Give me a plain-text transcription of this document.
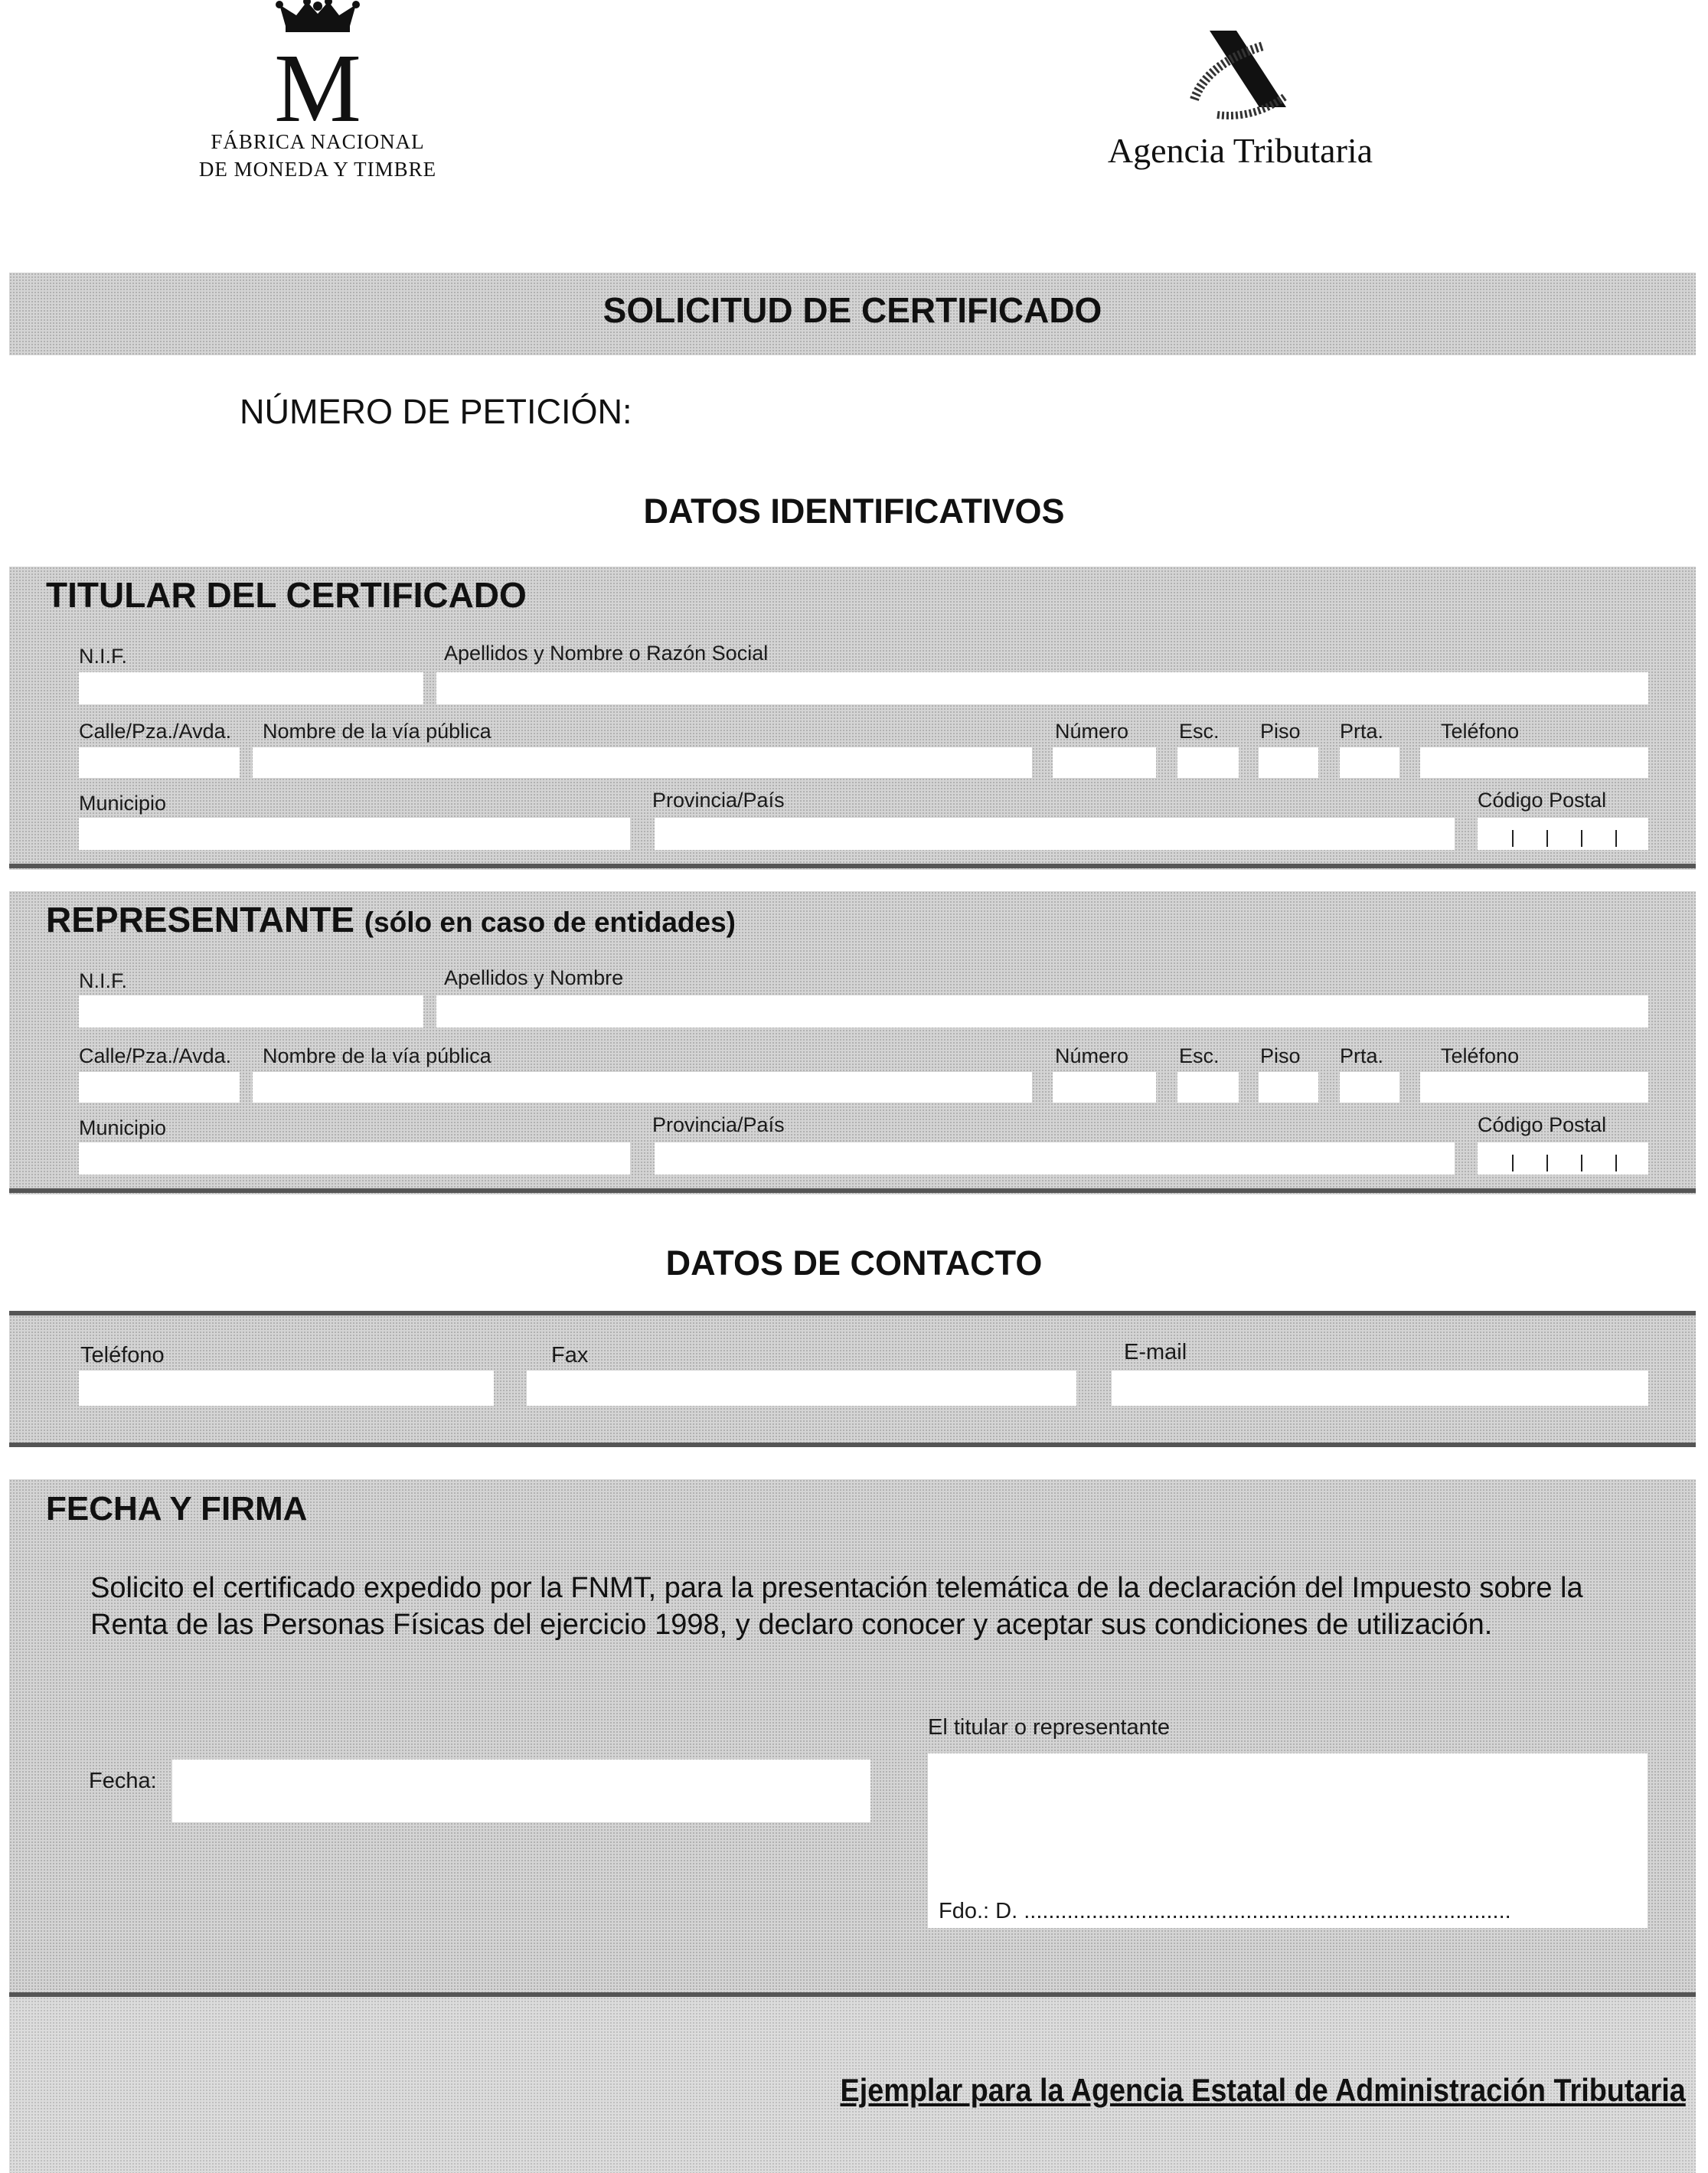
M
FÁBRICA NACIONAL
DE MONEDA Y TIMBRE	Agencia Tributaria
SOLICITUD DE CERTIFICADO
NÚMERO DE PETICIÓN:
DATOS IDENTIFICATIVOS
TITULAR DEL CERTIFICADO
N.I.F.	Apellidos y Nombre o Razón Social
Calle/Pza./Avda. Nombre de la vía pública	Número Esc. Piso Prta.	Teléfono
Municipio	Provincia/País	Código Postal
REPRESENTANTE (sólo en caso de entidades)
N.I.F.	Apellidos y Nombre
Calle/Pza./Avda. Nombre de la vía pública	Número Esc. Piso Prta.	Teléfono
Municipio	Provincia/País	Código Postal
DATOS DE CONTACTO
Teléfono	Fax	E-mail
FECHA Y FIRMA
Solicito el certificado expedido por la FNMT, para la presentación telemática de la declaración del Impuesto sobre la Renta de las Personas Físicas del ejercicio 1998, y declaro conocer y aceptar sus condiciones de utilización.
El titular o representante
Fecha:
Fdo.: D. ...............................................................................
Ejemplar para la Agencia Estatal de Administración Tributaria
